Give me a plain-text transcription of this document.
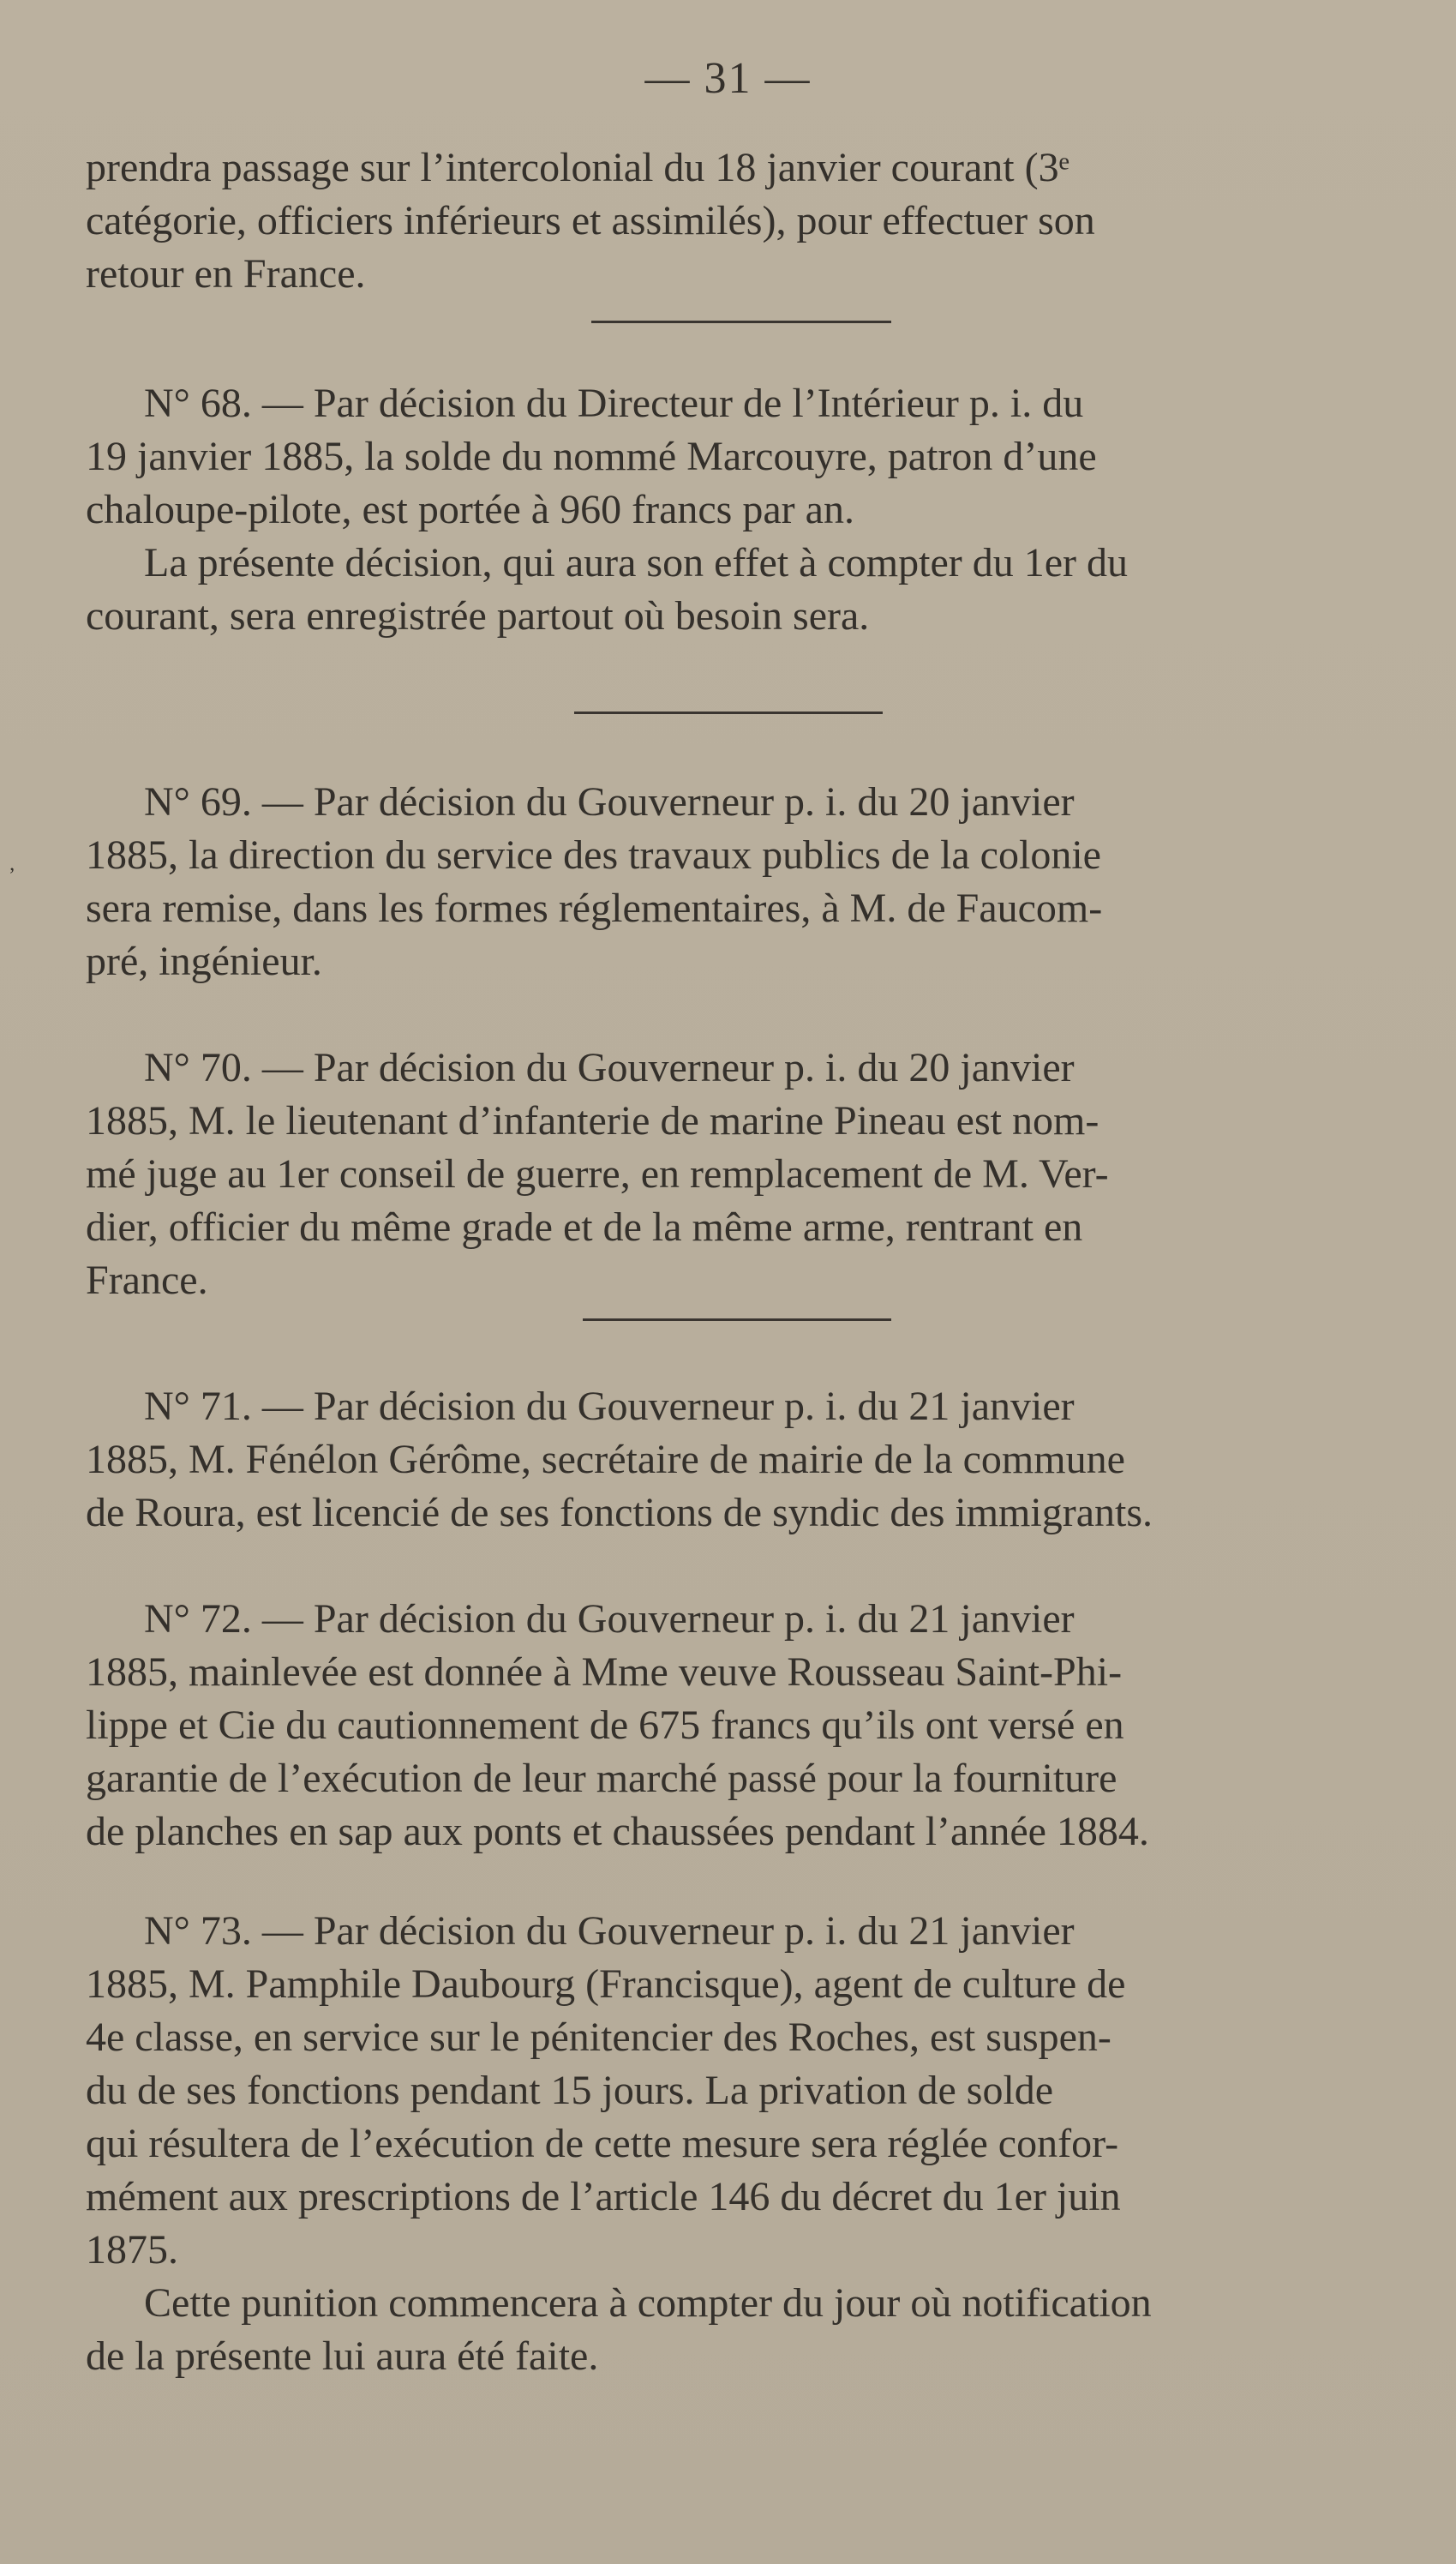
— 31 —

prendra passage sur l’intercolonial du 18 janvier courant (3ᵉ

catégorie, officiers inférieurs et assimilés), pour effectuer son

retour en France.

N° 68. — Par décision du Directeur de l’Intérieur p. i. du

19 janvier 1885, la solde du nommé Marcouyre, patron d’une

chaloupe-pilote, est portée à 960 francs par an.

La présente décision, qui aura son effet à compter du 1er du

courant, sera enregistrée partout où besoin sera.

N° 69. — Par décision du Gouverneur p. i. du 20 janvier

1885, la direction du service des travaux publics de la colonie

sera remise, dans les formes réglementaires, à M. de Faucom-

pré, ingénieur.

‚

N° 70. — Par décision du Gouverneur p. i. du 20 janvier

1885, M. le lieutenant d’infanterie de marine Pineau est nom-

mé juge au 1er conseil de guerre, en remplacement de M. Ver-

dier, officier du même grade et de la même arme, rentrant en

France.

N° 71. — Par décision du Gouverneur p. i. du 21 janvier

1885, M. Fénélon Gérôme, secrétaire de mairie de la commune

de Roura, est licencié de ses fonctions de syndic des immigrants.

N° 72. — Par décision du Gouverneur p. i. du 21 janvier

1885, mainlevée est donnée à Mme veuve Rousseau Saint-Phi-

lippe et Cie du cautionnement de 675 francs qu’ils ont versé en

garantie de l’exécution de leur marché passé pour la fourniture

de planches en sap aux ponts et chaussées pendant l’année 1884.

N° 73. — Par décision du Gouverneur p. i. du 21 janvier

1885, M. Pamphile Daubourg (Francisque), agent de culture de

4e classe, en service sur le pénitencier des Roches, est suspen-

du de ses fonctions pendant 15 jours. La privation de solde

qui résultera de l’exécution de cette mesure sera réglée confor-

mément aux prescriptions de l’article 146 du décret du 1er juin

1875.

Cette punition commencera à compter du jour où notification

de la présente lui aura été faite.
